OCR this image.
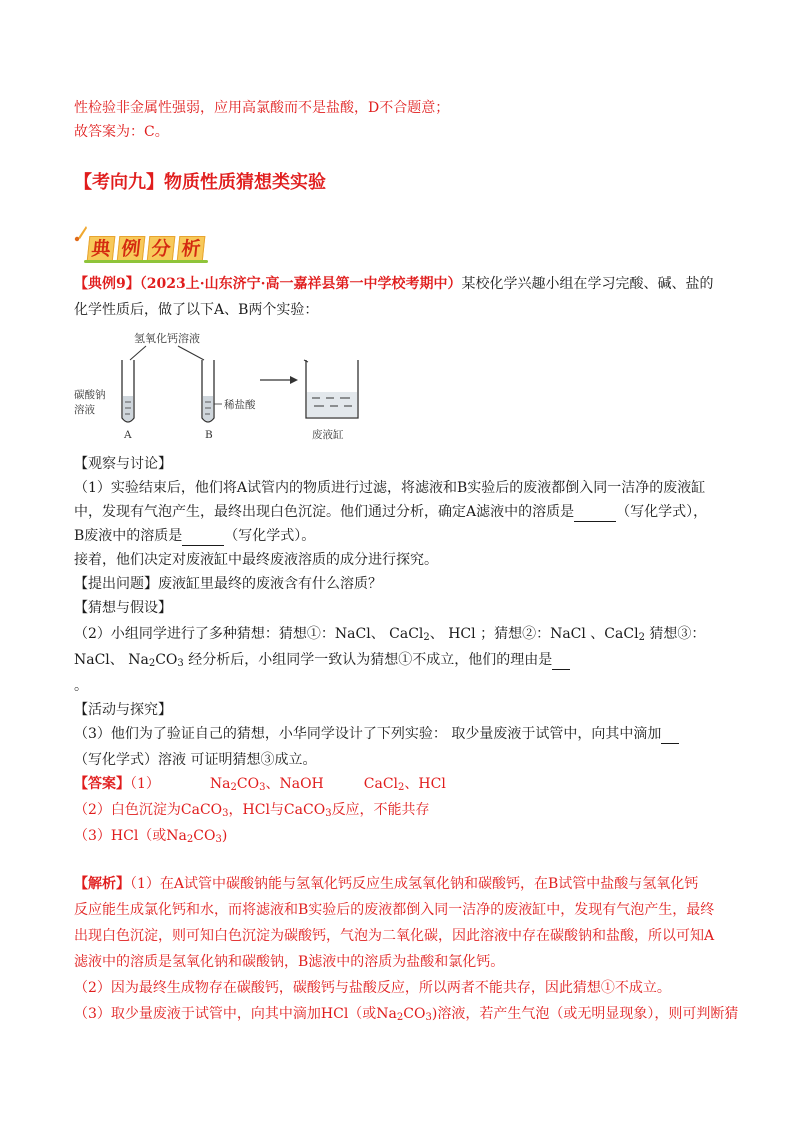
性检验非金属性强弱，应用高氯酸而不是盐酸，D不合题意；
故答案为：C。
【考向九】物质性质猜想类实验
典 例 分 析
【典例9】（2023上·山东济宁·高一嘉祥县第一中学校考期中）某校化学兴趣小组在学习完酸、碱、盐的
化学性质后，做了以下A、B两个实验：
氢氧化钙溶液
碳酸钠
溶液
A
稀盐酸
B	废液缸
【观察与讨论】
（1）实验结束后，他们将A试管内的物质进行过滤，将滤液和B实验后的废液都倒入同一洁净的废液缸
中，发现有气泡产生，最终出现白色沉淀。他们通过分析，确定A滤液中的溶质是	（写化学式），
B废液中的溶质是	（写化学式）。
接着，他们决定对废液缸中最终废液溶质的成分进行探究。
【提出问题】废液缸里最终的废液含有什么溶质？
【猜想与假设】
（2）小组同学进行了多种猜想：猜想①：NaCl、 CaCl$_2$、 HCl ；猜想②：NaCl 、CaCl$_2$ 猜想③：
NaCl、 $Na_2CO_3$ 经分析后，小组同学一致认为猜想①不成立，他们的理由是
。
【活动与探究】
（3）他们为了验证自己的猜想，小华同学设计了下列实验： 取少量废液于试管中，向其中滴加
（写化学式）溶液 可证明猜想③成立。
【答案】（1）	$Na_2CO_3$、NaOH	CaCl$_2$、HCl
（2）白色沉淀为CaCO$_3$，HCl与CaCO$_3$反应，不能共存
（3）HCl（或$Na_2CO_3$)
【解析】（1）在A试管中碳酸钠能与氢氧化钙反应生成氢氧化钠和碳酸钙，在B试管中盐酸与氢氧化钙
反应能生成氯化钙和水，而将滤液和B实验后的废液都倒入同一洁净的废液缸中，发现有气泡产生，最终
出现白色沉淀，则可知白色沉淀为碳酸钙，气泡为二氧化碳，因此溶液中存在碳酸钠和盐酸，所以可知A
滤液中的溶质是氢氧化钠和碳酸钠，B滤液中的溶质为盐酸和氯化钙。
（2）因为最终生成物存在碳酸钙，碳酸钙与盐酸反应，所以两者不能共存，因此猜想①不成立。
（3）取少量废液于试管中，向其中滴加HCl（或$Na_2CO_3$)溶液，若产生气泡（或无明显现象），则可判断猜
